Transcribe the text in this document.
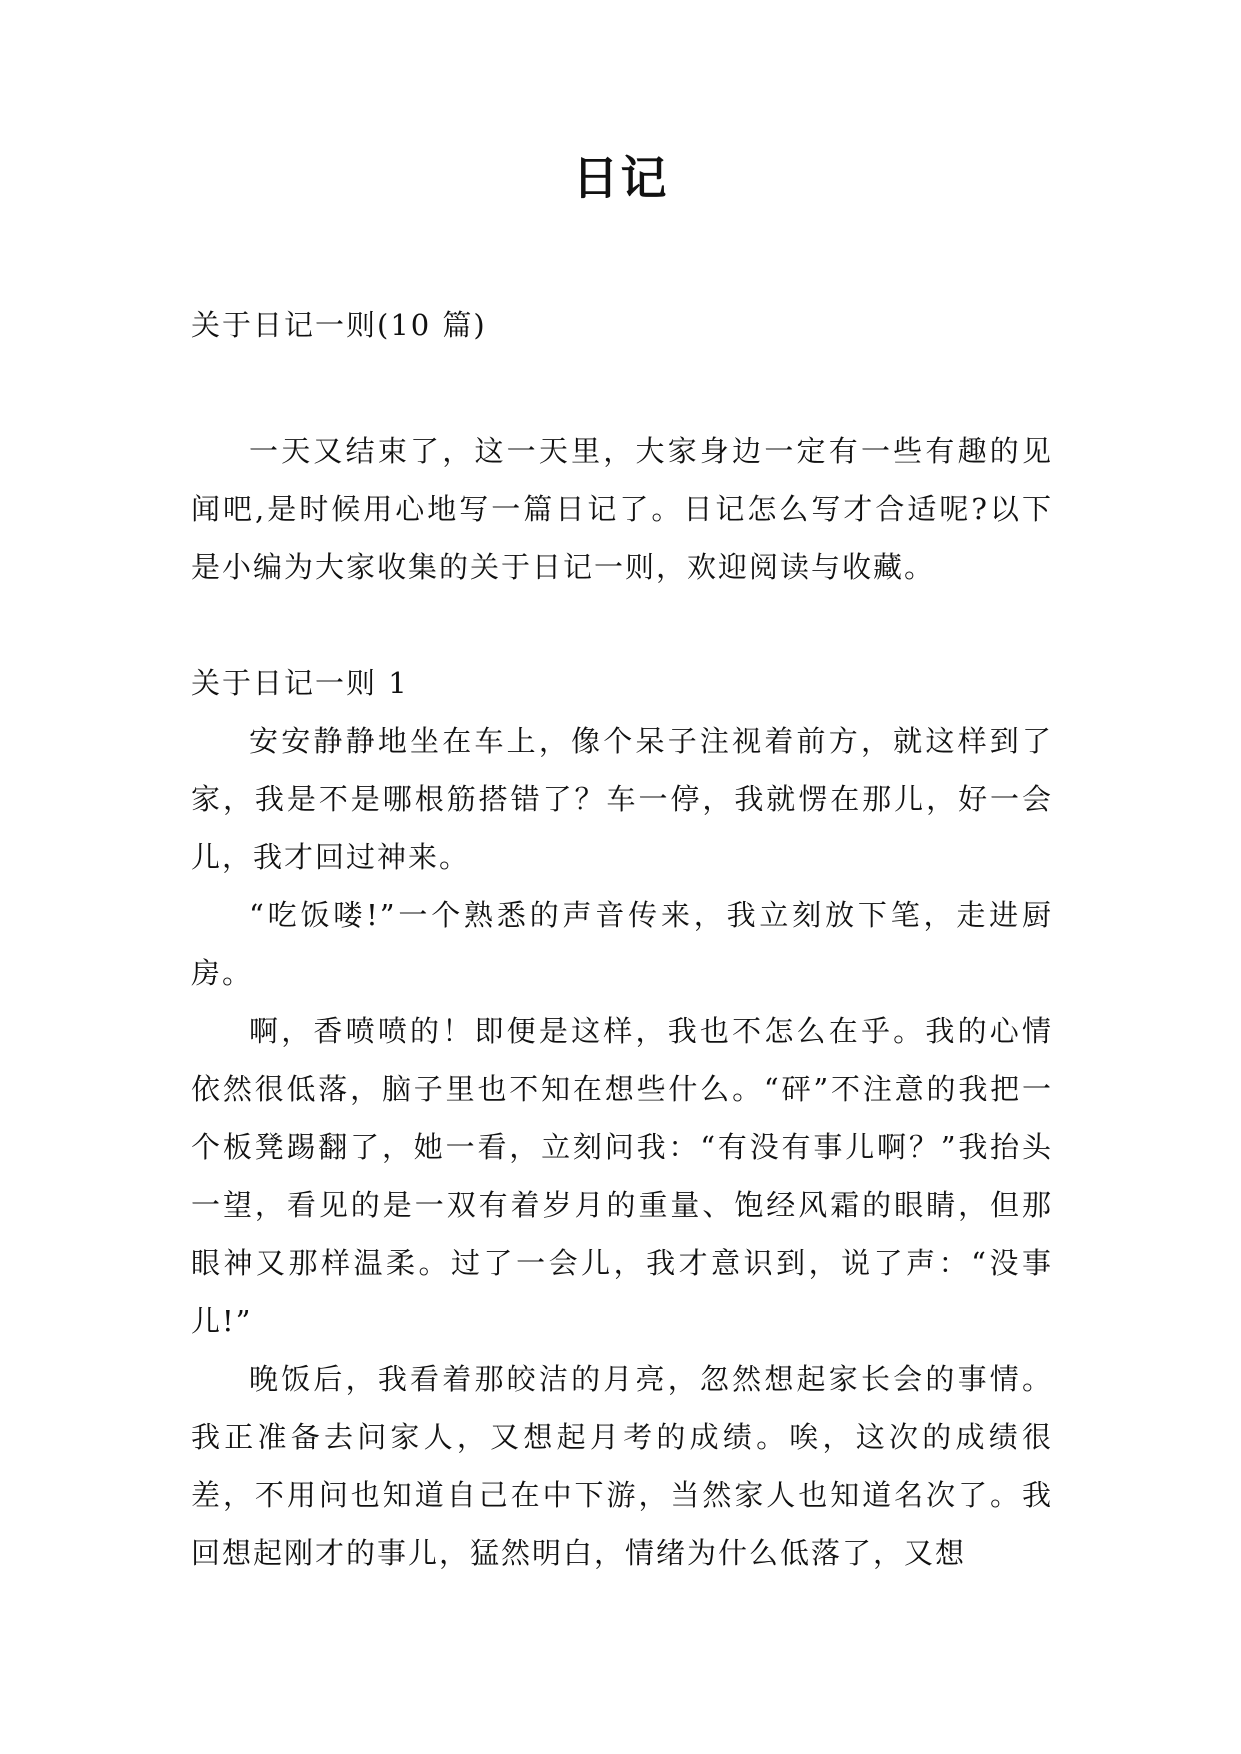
日记

关于日记一则(10 篇)

一天又结束了，这一天里，大家身边一定有一些有趣的见闻吧,是时候用心地写一篇日记了。日记怎么写才合适呢?以下是小编为大家收集的关于日记一则，欢迎阅读与收藏。

关于日记一则 1

安安静静地坐在车上，像个呆子注视着前方，就这样到了家，我是不是哪根筋搭错了？车一停，我就愣在那儿，好一会儿，我才回过神来。

“吃饭喽!”一个熟悉的声音传来，我立刻放下笔，走进厨房。

啊，香喷喷的！即便是这样，我也不怎么在乎。我的心情依然很低落，脑子里也不知在想些什么。“砰”不注意的我把一个板凳踢翻了，她一看，立刻问我：“有没有事儿啊？”我抬头一望，看见的是一双有着岁月的重量、饱经风霜的眼睛，但那眼神又那样温柔。过了一会儿，我才意识到，说了声：“没事儿!”

晚饭后，我看着那皎洁的月亮，忽然想起家长会的事情。我正准备去问家人，又想起月考的成绩。唉，这次的成绩很差，不用问也知道自己在中下游，当然家人也知道名次了。我回想起刚才的事儿，猛然明白，情绪为什么低落了，又想
